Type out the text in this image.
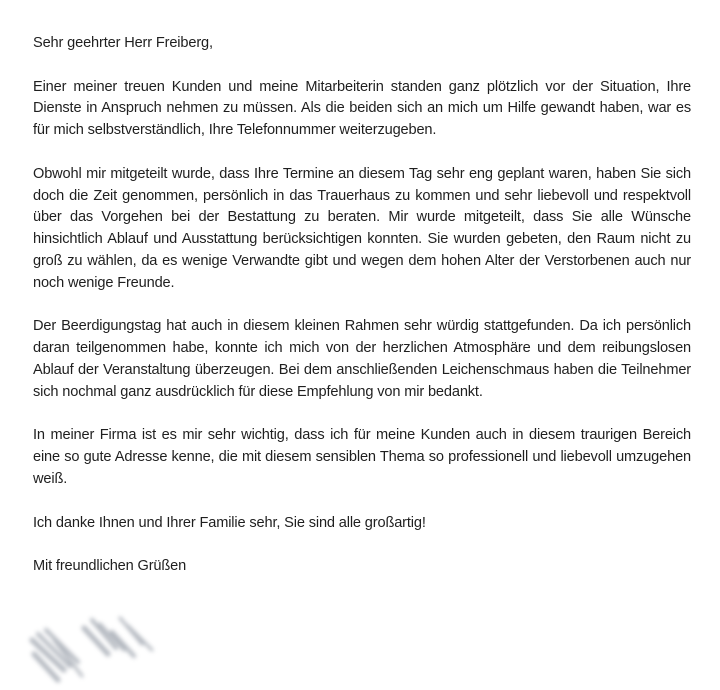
Sehr geehrter Herr Freiberg,

Einer meiner treuen Kunden und meine Mitarbeiterin standen ganz plötzlich vor der Situation, Ihre Dienste in Anspruch nehmen zu müssen. Als die beiden sich an mich um Hilfe gewandt haben, war es für mich selbstverständlich, Ihre Telefonnummer weiterzugeben.

Obwohl mir mitgeteilt wurde, dass Ihre Termine an diesem Tag sehr eng geplant waren, haben Sie sich doch die Zeit genommen, persönlich in das Trauerhaus zu kommen und sehr liebevoll und respektvoll über das Vorgehen bei der Bestattung zu beraten. Mir wurde mitgeteilt, dass Sie alle Wünsche hinsichtlich Ablauf und Ausstattung berücksichtigen konnten. Sie wurden gebeten, den Raum nicht zu groß zu wählen, da es wenige Verwandte gibt und wegen dem hohen Alter der Verstorbenen auch nur noch wenige Freunde.

Der Beerdigungstag hat auch in diesem kleinen Rahmen sehr würdig stattgefunden. Da ich persönlich daran teilgenommen habe, konnte ich mich von der herzlichen Atmosphäre und dem reibungslosen Ablauf der Veranstaltung überzeugen. Bei dem anschließenden Leichenschmaus haben die Teilnehmer sich nochmal ganz ausdrücklich für diese Empfehlung von mir bedankt.

In meiner Firma ist es mir sehr wichtig, dass ich für meine Kunden auch in diesem traurigen Bereich eine so gute Adresse kenne, die mit diesem sensiblen Thema so professionell und liebevoll umzugehen weiß.

Ich danke Ihnen und Ihrer Familie sehr, Sie sind alle großartig!

Mit freundlichen Grüßen
